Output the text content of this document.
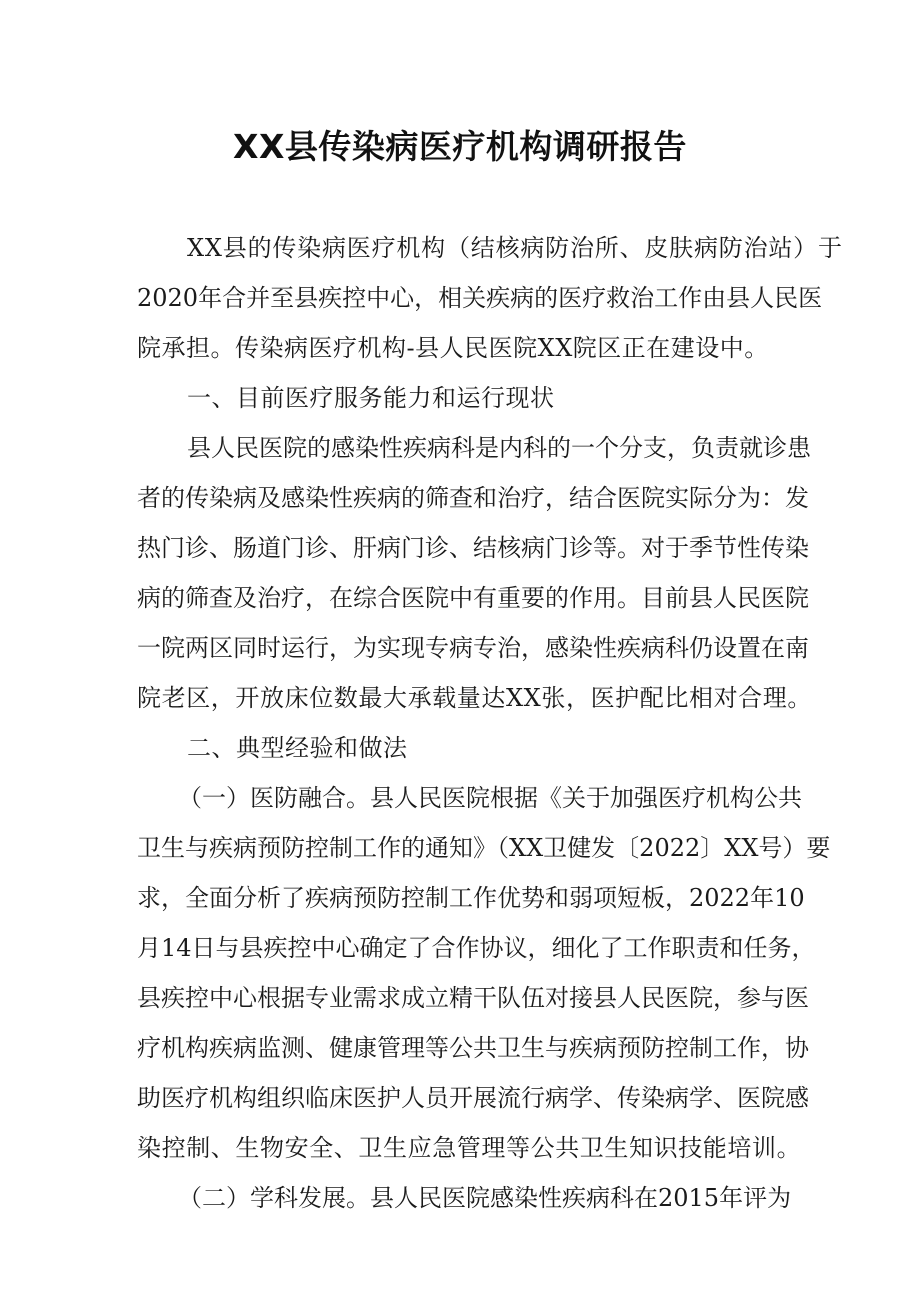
XX县传染病医疗机构调研报告
XX县的传染病医疗机构（结核病防治所、皮肤病防治站）于
2020年合并至县疾控中心，相关疾病的医疗救治工作由县人民医
院承担。传染病医疗机构-县人民医院XX院区正在建设中。
一、目前医疗服务能力和运行现状
县人民医院的感染性疾病科是内科的一个分支，负责就诊患
者的传染病及感染性疾病的筛查和治疗，结合医院实际分为：发
热门诊、肠道门诊、肝病门诊、结核病门诊等。对于季节性传染
病的筛查及治疗，在综合医院中有重要的作用。目前县人民医院
一院两区同时运行，为实现专病专治，感染性疾病科仍设置在南
院老区，开放床位数最大承载量达XX张，医护配比相对合理。
二、典型经验和做法
（一）医防融合。县人民医院根据《关于加强医疗机构公共
卫生与疾病预防控制工作的通知》（XX卫健发〔2022〕XX号）要
求，全面分析了疾病预防控制工作优势和弱项短板，2022年10
月14日与县疾控中心确定了合作协议，细化了工作职责和任务，
县疾控中心根据专业需求成立精干队伍对接县人民医院，参与医
疗机构疾病监测、健康管理等公共卫生与疾病预防控制工作，协
助医疗机构组织临床医护人员开展流行病学、传染病学、医院感
染控制、生物安全、卫生应急管理等公共卫生知识技能培训。
（二）学科发展。县人民医院感染性疾病科在2015年评为
